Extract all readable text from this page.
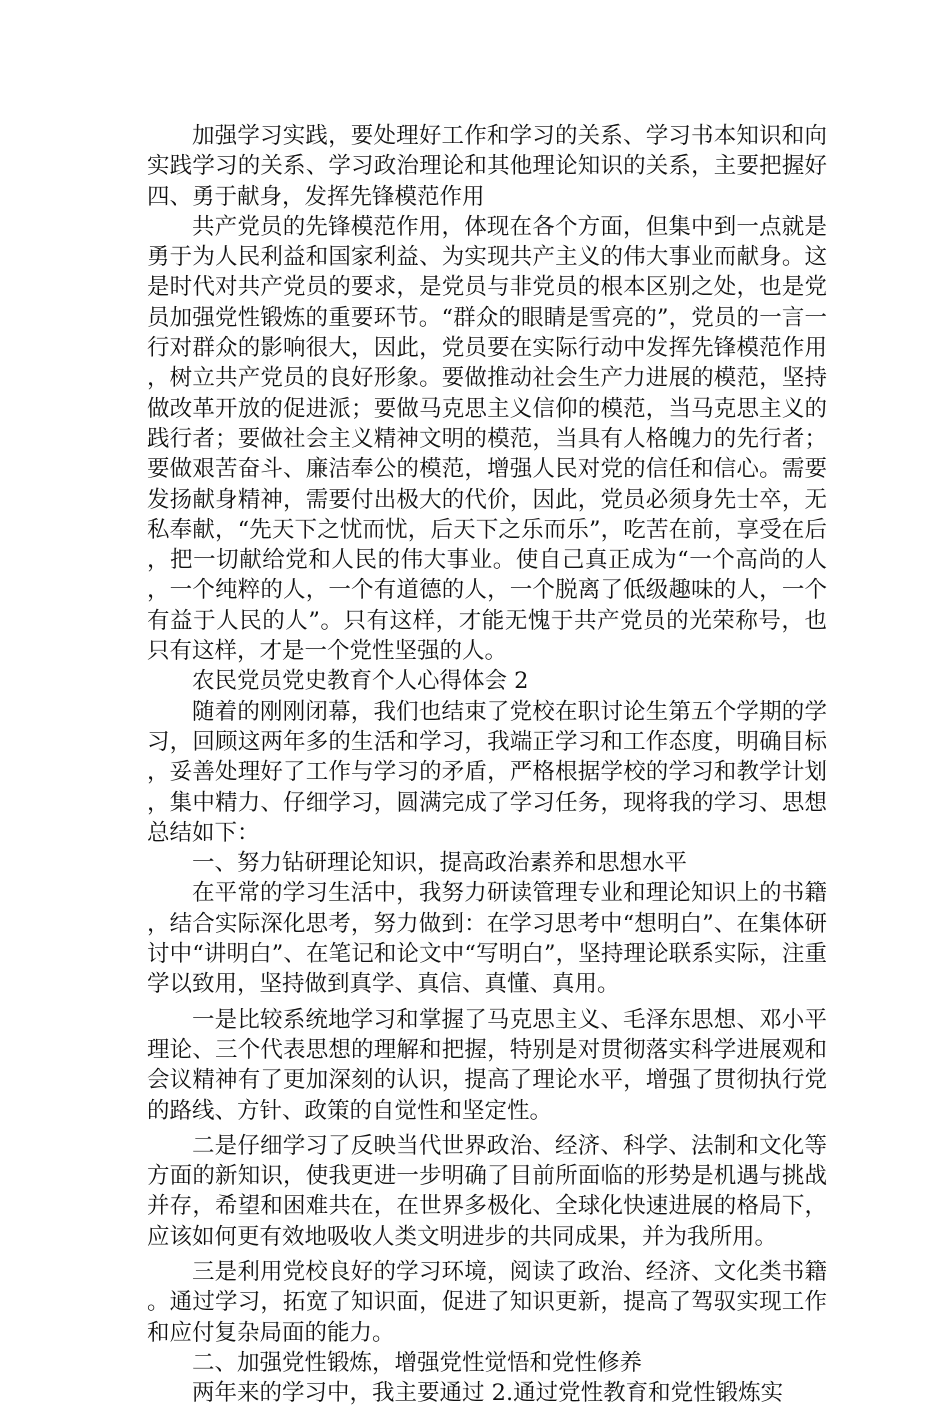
加强学习实践，要处理好工作和学习的关系、学习书本知识和向实践学习的关系、学习政治理论和其他理论知识的关系，主要把握好四、勇于献身，发挥先锋模范作用

共产党员的先锋模范作用，体现在各个方面，但集中到一点就是勇于为人民利益和国家利益、为实现共产主义的伟大事业而献身。这是时代对共产党员的要求，是党员与非党员的根本区别之处，也是党员加强党性锻炼的重要环节。“群众的眼睛是雪亮的”，党员的一言一行对群众的影响很大，因此，党员要在实际行动中发挥先锋模范作用，树立共产党员的良好形象。要做推动社会生产力进展的模范，坚持做改革开放的促进派；要做马克思主义信仰的模范，当马克思主义的践行者；要做社会主义精神文明的模范，当具有人格魄力的先行者；要做艰苦奋斗、廉洁奉公的模范，增强人民对党的信任和信心。需要发扬献身精神，需要付出极大的代价，因此，党员必须身先士卒，无私奉献，“先天下之忧而忧，后天下之乐而乐”，吃苦在前，享受在后，把一切献给党和人民的伟大事业。使自己真正成为“一个高尚的人，一个纯粹的人，一个有道德的人，一个脱离了低级趣味的人，一个有益于人民的人”。只有这样，才能无愧于共产党员的光荣称号，也只有这样，才是一个党性坚强的人。

农民党员党史教育个人心得体会 2

随着的刚刚闭幕，我们也结束了党校在职讨论生第五个学期的学习，回顾这两年多的生活和学习，我端正学习和工作态度，明确目标，妥善处理好了工作与学习的矛盾，严格根据学校的学习和教学计划，集中精力、仔细学习，圆满完成了学习任务，现将我的学习、思想总结如下：

一、努力钻研理论知识，提高政治素养和思想水平

在平常的学习生活中，我努力研读管理专业和理论知识上的书籍，结合实际深化思考，努力做到：在学习思考中“想明白”、在集体研讨中“讲明白”、在笔记和论文中“写明白”，坚持理论联系实际，注重学以致用，坚持做到真学、真信、真懂、真用。

一是比较系统地学习和掌握了马克思主义、毛泽东思想、邓小平理论、三个代表思想的理解和把握，特别是对贯彻落实科学进展观和会议精神有了更加深刻的认识，提高了理论水平，增强了贯彻执行党的路线、方针、政策的自觉性和坚定性。

二是仔细学习了反映当代世界政治、经济、科学、法制和文化等方面的新知识，使我更进一步明确了目前所面临的形势是机遇与挑战并存，希望和困难共在，在世界多极化、全球化快速进展的格局下，应该如何更有效地吸收人类文明进步的共同成果，并为我所用。

三是利用党校良好的学习环境，阅读了政治、经济、文化类书籍。通过学习，拓宽了知识面，促进了知识更新，提高了驾驭实现工作和应付复杂局面的能力。

二、加强党性锻炼，增强党性觉悟和党性修养

两年来的学习中，我主要通过 2.通过党性教育和党性锻炼实
